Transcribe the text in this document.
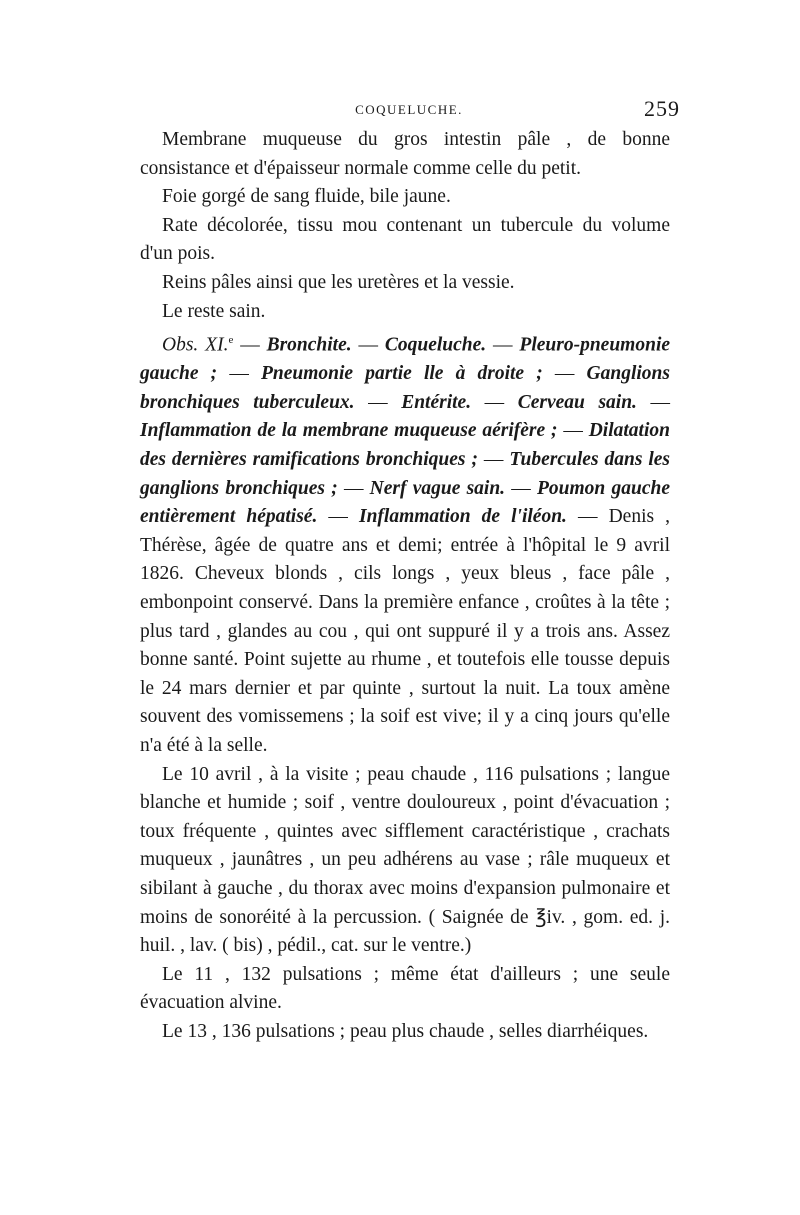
COQUELUCHE.	259

Membrane muqueuse du gros intestin pâle , de bonne consistance et d'épaisseur normale comme celle du petit.

Foie gorgé de sang fluide, bile jaune.

Rate décolorée, tissu mou contenant un tubercule du volume d'un pois.

Reins pâles ainsi que les uretères et la vessie.

Le reste sain.

Obs. XI.$^e$ — Bronchite. — Coqueluche. — Pleuro-pneumonie gauche ; — Pneumonie partie lle à droite ; — Ganglions bronchiques tuberculeux. — Entérite. — Cerveau sain. — Inflammation de la membrane muqueuse aérifère ; — Dilatation des dernières ramifications bronchiques ; — Tubercules dans les ganglions bronchiques ; — Nerf vague sain. — Poumon gauche entièrement hépatisé. — Inflammation de l'iléon. — Denis , Thérèse, âgée de quatre ans et demi; entrée à l'hôpital le 9 avril 1826. Cheveux blonds , cils longs , yeux bleus , face pâle , embonpoint conservé. Dans la première enfance , croûtes à la tête ; plus tard , glandes au cou , qui ont suppuré il y a trois ans. Assez bonne santé. Point sujette au rhume , et toutefois elle tousse depuis le 24 mars dernier et par quinte , surtout la nuit. La toux amène souvent des vomissemens ; la soif est vive; il y a cinq jours qu'elle n'a été à la selle.

Le 10 avril , à la visite ; peau chaude , 116 pulsations ; langue blanche et humide ; soif , ventre douloureux , point d'évacuation ; toux fréquente , quintes avec sifflement caractéristique , crachats muqueux , jaunâtres , un peu adhérens au vase ; râle muqueux et sibilant à gauche , du thorax avec moins d'expansion pulmonaire et moins de sonoréité à la percussion. ( Saignée de ℥iv. , gom. ed. j. huil. , lav. ( bis) , pédil., cat. sur le ventre.)

Le 11 , 132 pulsations ; même état d'ailleurs ; une seule évacuation alvine.

Le 13 , 136 pulsations ; peau plus chaude , selles diarrhéiques.
